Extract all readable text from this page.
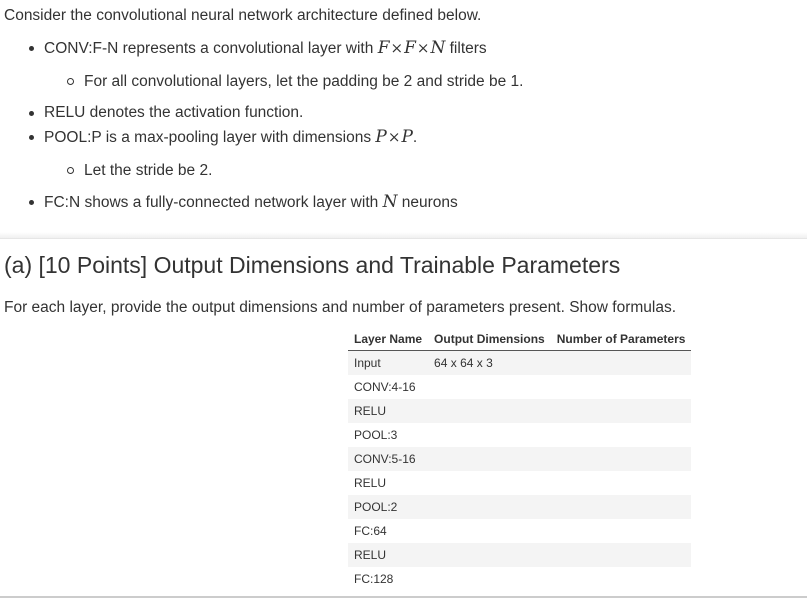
Consider the convolutional neural network architecture defined below.

CONV:F-N represents a convolutional layer with F×F×N filters
For all convolutional layers, let the padding be 2 and stride be 1.
RELU denotes the activation function.
POOL:P is a max-pooling layer with dimensions P×P.
Let the stride be 2.
FC:N shows a fully-connected network layer with N neurons
(a) [10 Points] Output Dimensions and Trainable Parameters

For each layer, provide the output dimensions and number of parameters present. Show formulas.

Layer Name	Output Dimensions	Number of Parameters
Input	64 x 64 x 3	
CONV:4-16		
RELU		
POOL:3		
CONV:5-16		
RELU		
POOL:2		
FC:64		
RELU		
FC:128		
